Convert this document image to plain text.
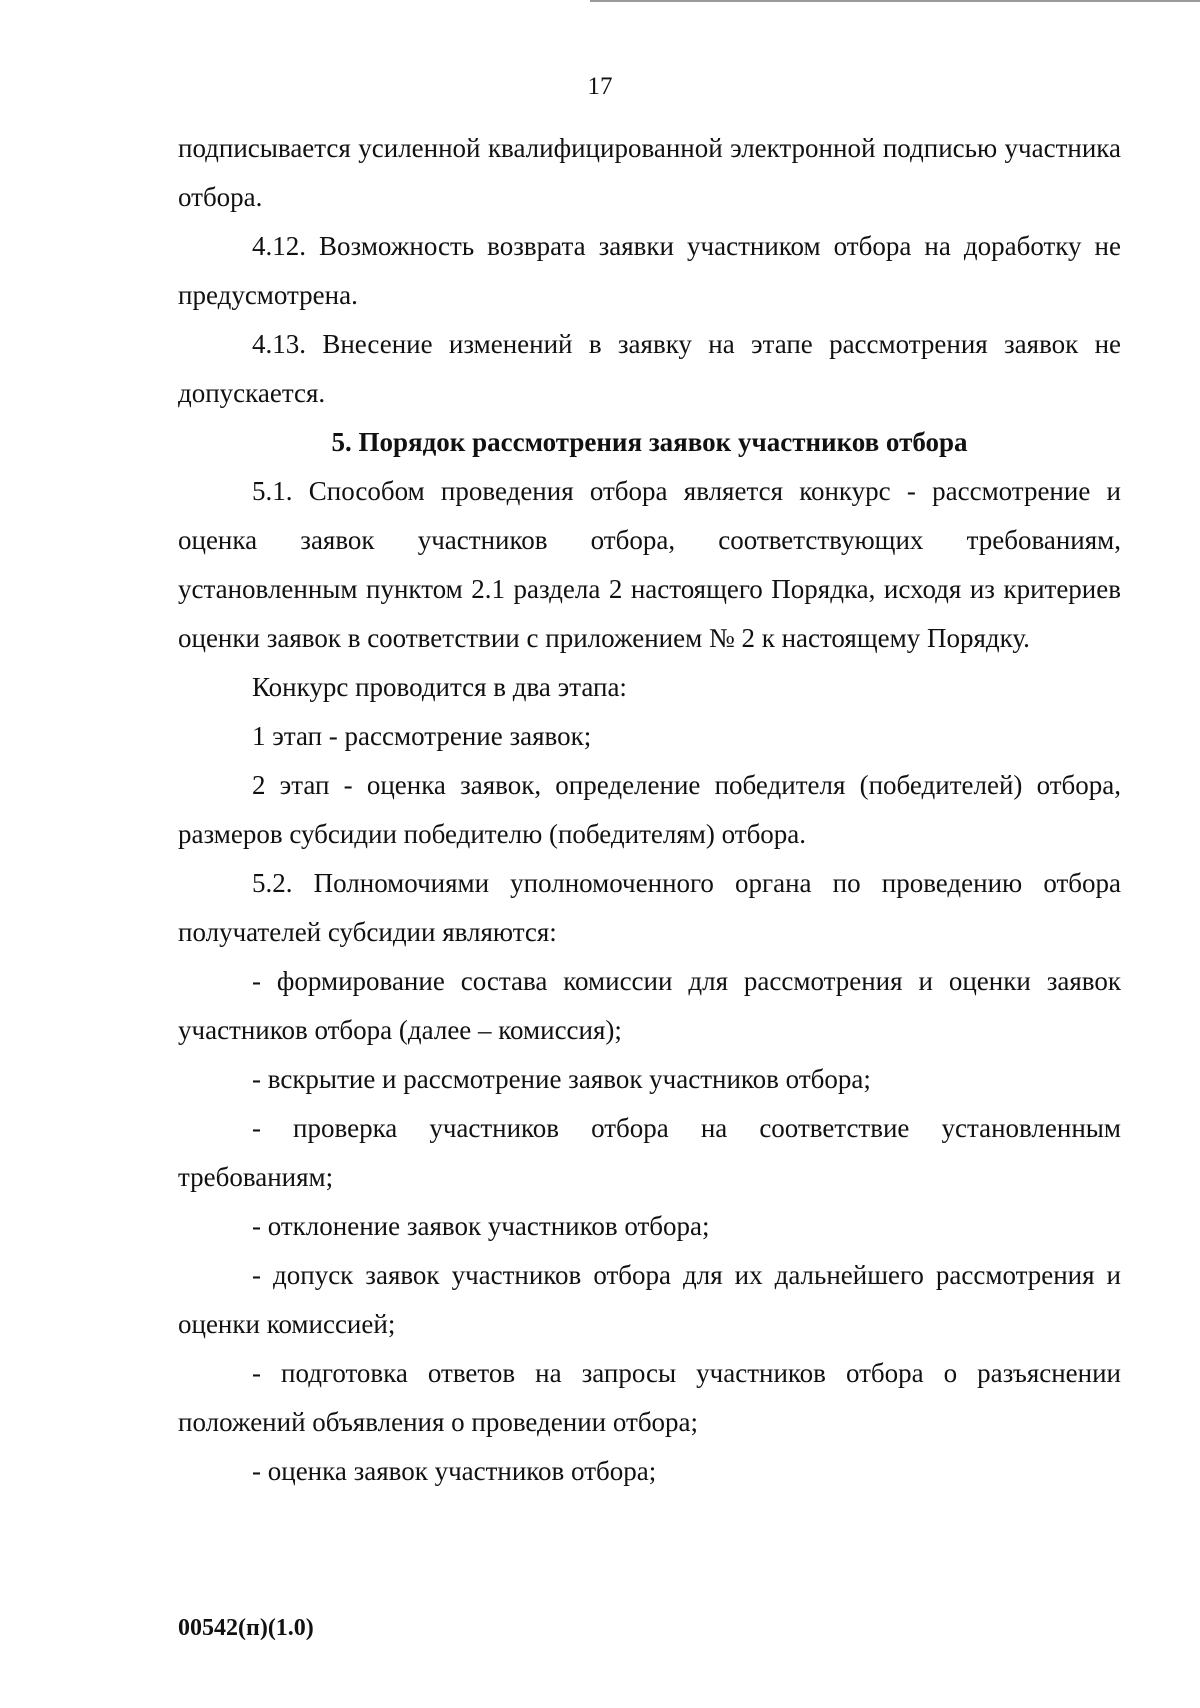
17

подписывается усиленной квалифицированной электронной подписью участника отбора.

4.12. Возможность возврата заявки участником отбора на доработку не предусмотрена.

4.13. Внесение изменений в заявку на этапе рассмотрения заявок не допускается.

5. Порядок рассмотрения заявок участников отбора

5.1. Способом проведения отбора является конкурс - рассмотрение и оценка заявок участников отбора, соответствующих требованиям, установленным пунктом 2.1 раздела 2 настоящего Порядка, исходя из критериев оценки заявок в соответствии с приложением № 2 к настоящему Порядку.

Конкурс проводится в два этапа:

1 этап - рассмотрение заявок;

2 этап - оценка заявок, определение победителя (победителей) отбора, размеров субсидии победителю (победителям) отбора.

5.2. Полномочиями уполномоченного органа по проведению отбора получателей субсидии являются:

- формирование состава комиссии для рассмотрения и оценки заявок участников отбора (далее – комиссия);

- вскрытие и рассмотрение заявок участников отбора;

- проверка участников отбора на соответствие установленным требованиям;

- отклонение заявок участников отбора;

- допуск заявок участников отбора для их дальнейшего рассмотрения и оценки комиссией;

- подготовка ответов на запросы участников отбора о разъяснении положений объявления о проведении отбора;

- оценка заявок участников отбора;

00542(п)(1.0)
